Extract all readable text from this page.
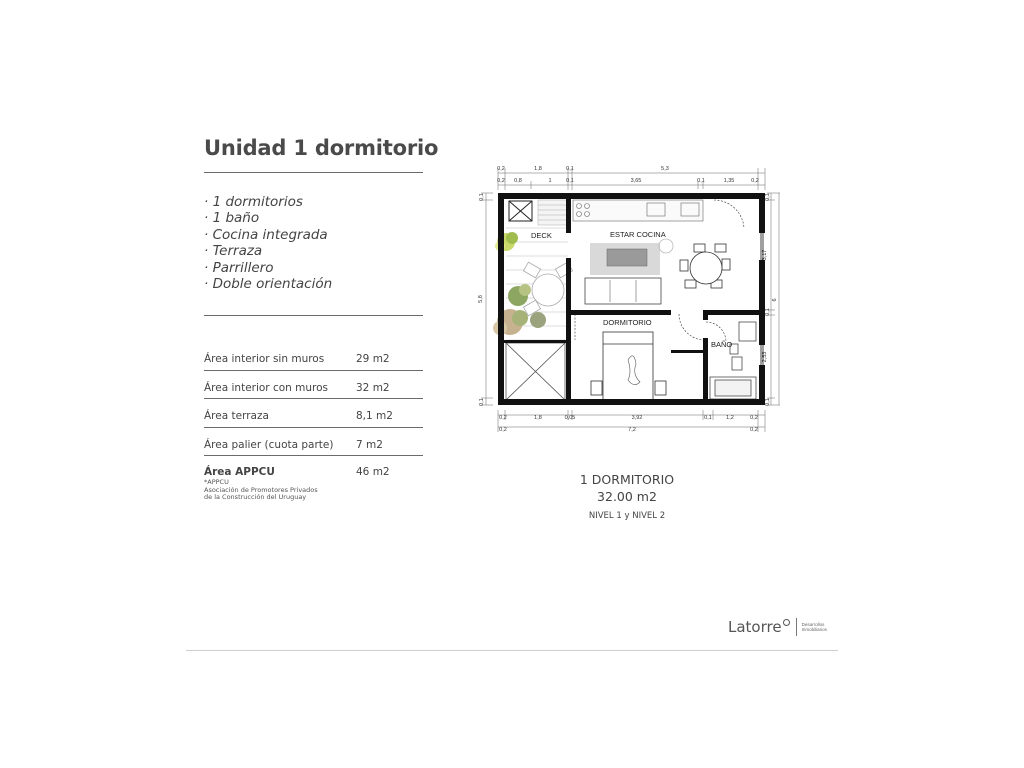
Unidad 1 dormitorio
· 1 dormitorios
· 1 baño
· Cocina integrada
· Terraza
· Parrillero
· Doble orientación
Área interior sin muros	29 m2
Área interior con muros	32 m2
Área terraza	8,1 m2
Área palier (cuota parte) 7 m2
Área APPCU	46 m2
*APPCU
Asociación de Promotores Privados
de la Construcción del Uruguay
0,2	1,8	0,1	5,3
0,2 0,8	1	0,1	3,65	0,1	1,35	0,2
0,2	1,8	0,05	3,92	0,1	1,2	0,2
0,2	7,2	0,2
0,1
5,8
0,1
0,1
3,17
0,1
2,53
0,1
6
DECK	ESTAR COCINA
DORMITORIO
BAÑO
1 DORMITORIO
32.00 m2
NIVEL 1 y NIVEL 2
Latorre	Desarrollos
Inmobiliarios
